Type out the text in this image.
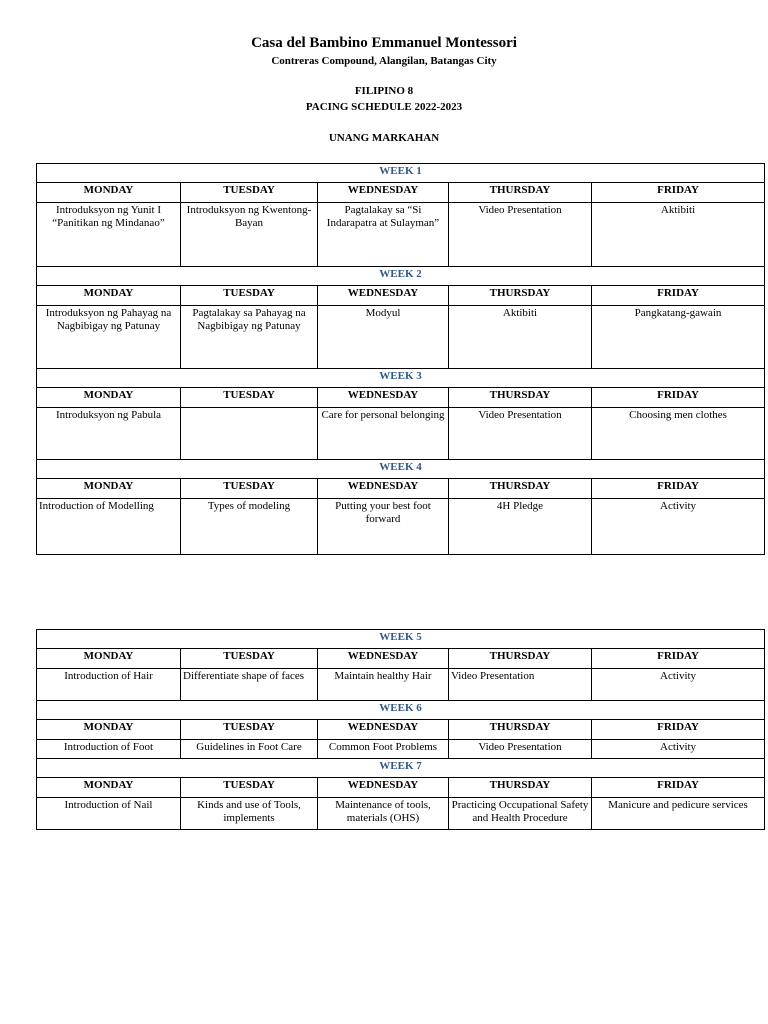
Casa del Bambino Emmanuel Montessori
Contreras Compound, Alangilan, Batangas City
FILIPINO 8
PACING SCHEDULE 2022-2023
UNANG MARKAHAN
WEEK 1				
MONDAY	TUESDAY	WEDNESDAY	THURSDAY	FRIDAY
Introduksyon ng Yunit I “Panitikan ng Mindanao”	Introduksyon ng Kwentong-Bayan	Pagtalakay sa “Si Indarapatra at Sulayman”	Video Presentation	Aktibiti
WEEK 2				
MONDAY	TUESDAY	WEDNESDAY	THURSDAY	FRIDAY
Introduksyon ng Pahayag na Nagbibigay ng Patunay	Pagtalakay sa Pahayag na Nagbibigay ng Patunay	Modyul	Aktibiti	Pangkatang-gawain
WEEK 3				
MONDAY	TUESDAY	WEDNESDAY	THURSDAY	FRIDAY
Introduksyon ng Pabula		Care for personal belonging	Video Presentation	Choosing men clothes
WEEK 4				
MONDAY	TUESDAY	WEDNESDAY	THURSDAY	FRIDAY
Introduction of Modelling	Types of modeling	Putting your best foot forward	4H Pledge	Activity
WEEK 5				
MONDAY	TUESDAY	WEDNESDAY	THURSDAY	FRIDAY
Introduction of Hair	Differentiate shape of faces	Maintain healthy Hair	Video Presentation	Activity
WEEK 6				
MONDAY	TUESDAY	WEDNESDAY	THURSDAY	FRIDAY
Introduction of Foot	Guidelines in Foot Care	Common Foot Problems	Video Presentation	Activity
WEEK 7				
MONDAY	TUESDAY	WEDNESDAY	THURSDAY	FRIDAY
Introduction of Nail	Kinds and use of Tools, implements	Maintenance of tools, materials (OHS)	Practicing Occupational Safety and Health Procedure	Manicure and pedicure services
